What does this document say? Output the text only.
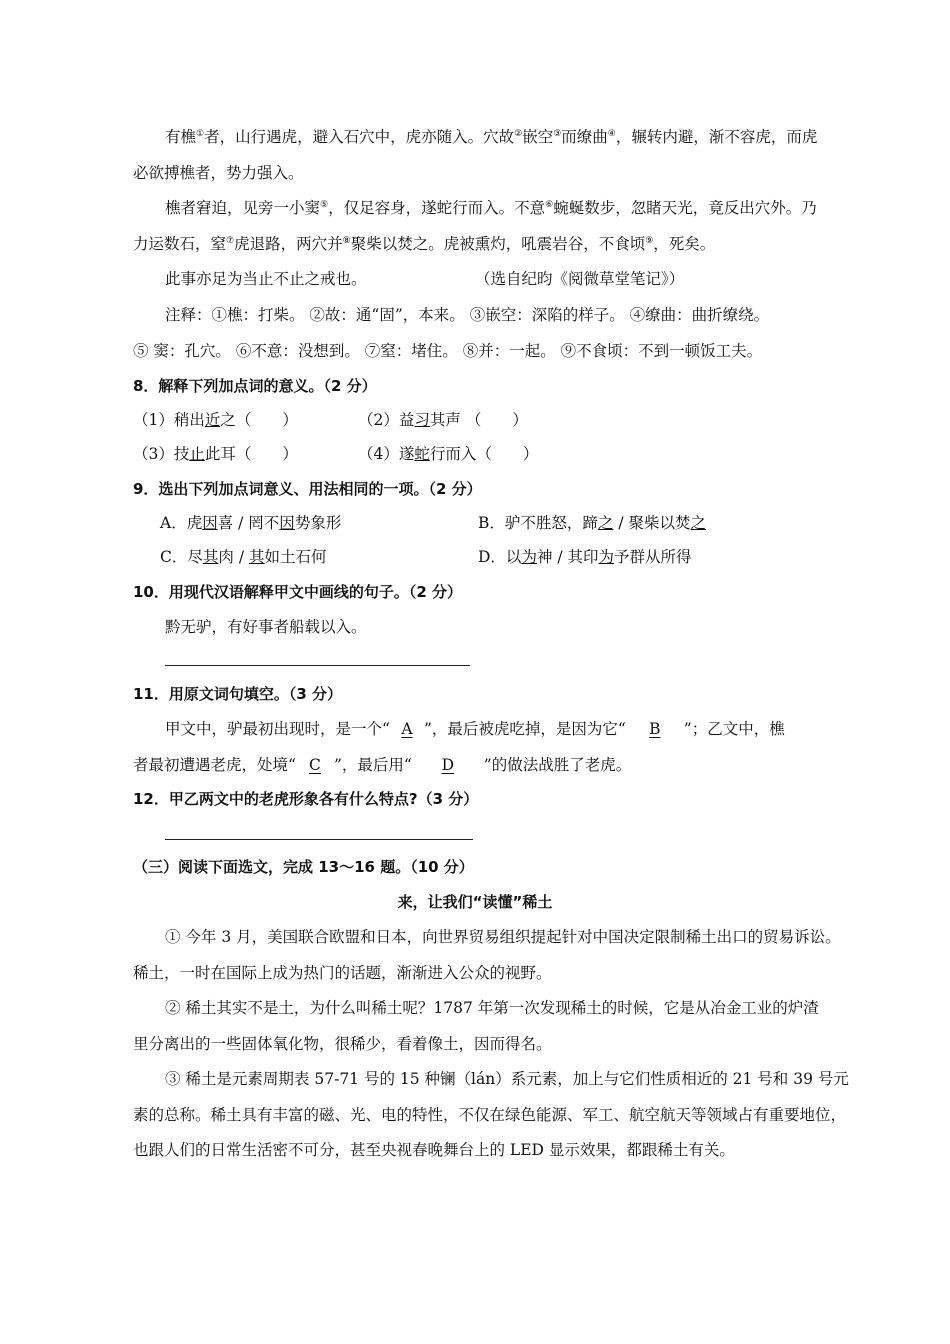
有樵①者，山行遇虎，避入石穴中，虎亦随入。穴故②嵌空③而缭曲④，辗转内避，渐不容虎，而虎
必欲搏樵者，势力强入。
樵者窘迫，见旁一小窦⑤，仅足容身，遂蛇行而入。不意⑥蜿蜒数步，忽睹天光，竟反出穴外。乃
力运数石，窒⑦虎退路，两穴并⑧聚柴以焚之。虎被熏灼，吼震岩谷，不食顷⑨，死矣。
此事亦足为当止不止之戒也。	（选自纪昀《阅微草堂笔记》）
注释：①樵：打柴。 ②故：通“固”，本来。 ③嵌空：深陷的样子。 ④缭曲：曲折缭绕。
⑤ 窦：孔穴。 ⑥不意：没想到。 ⑦窒：堵住。 ⑧并：一起。 ⑨不食顷：不到一顿饭工夫。
8．解释下列加点词的意义。（2 分）
（1）稍出近之（　　）	（2）益习其声 （　　）
（3）技止此耳（　　）	（4）遂蛇行而入（　　）
9．选出下列加点词意义、用法相同的一项。（2 分）
A．虎因喜 / 罔不因势象形	B．驴不胜怒，蹄之 / 聚柴以焚之
C．尽其肉 / 其如土石何	D．以为神 / 其印为予群从所得
10．用现代汉语解释甲文中画线的句子。（2 分）
黔无驴，有好事者船载以入。
11．用原文词句填空。（3 分）
甲文中，驴最初出现时，是一个“ A ”，最后被虎吃掉，是因为它“ B ”；乙文中，樵
者最初遭遇老虎，处境“ C ”，最后用“ D ”的做法战胜了老虎。
12．甲乙两文中的老虎形象各有什么特点?（3 分）
（三）阅读下面选文，完成 13～16 题。（10 分）
来，让我们“读懂”稀土
① 今年 3 月，美国联合欧盟和日本，向世界贸易组织提起针对中国决定限制稀土出口的贸易诉讼。
稀土，一时在国际上成为热门的话题，渐渐进入公众的视野。
② 稀土其实不是土，为什么叫稀土呢？1787 年第一次发现稀土的时候，它是从冶金工业的炉渣
里分离出的一些固体氧化物，很稀少，看着像土，因而得名。
③ 稀土是元素周期表 57-71 号的 15 种镧（lán）系元素，加上与它们性质相近的 21 号和 39 号元
素的总称。稀土具有丰富的磁、光、电的特性，不仅在绿色能源、军工、航空航天等领域占有重要地位，
也跟人们的日常生活密不可分，甚至央视春晚舞台上的 LED 显示效果，都跟稀土有关。
